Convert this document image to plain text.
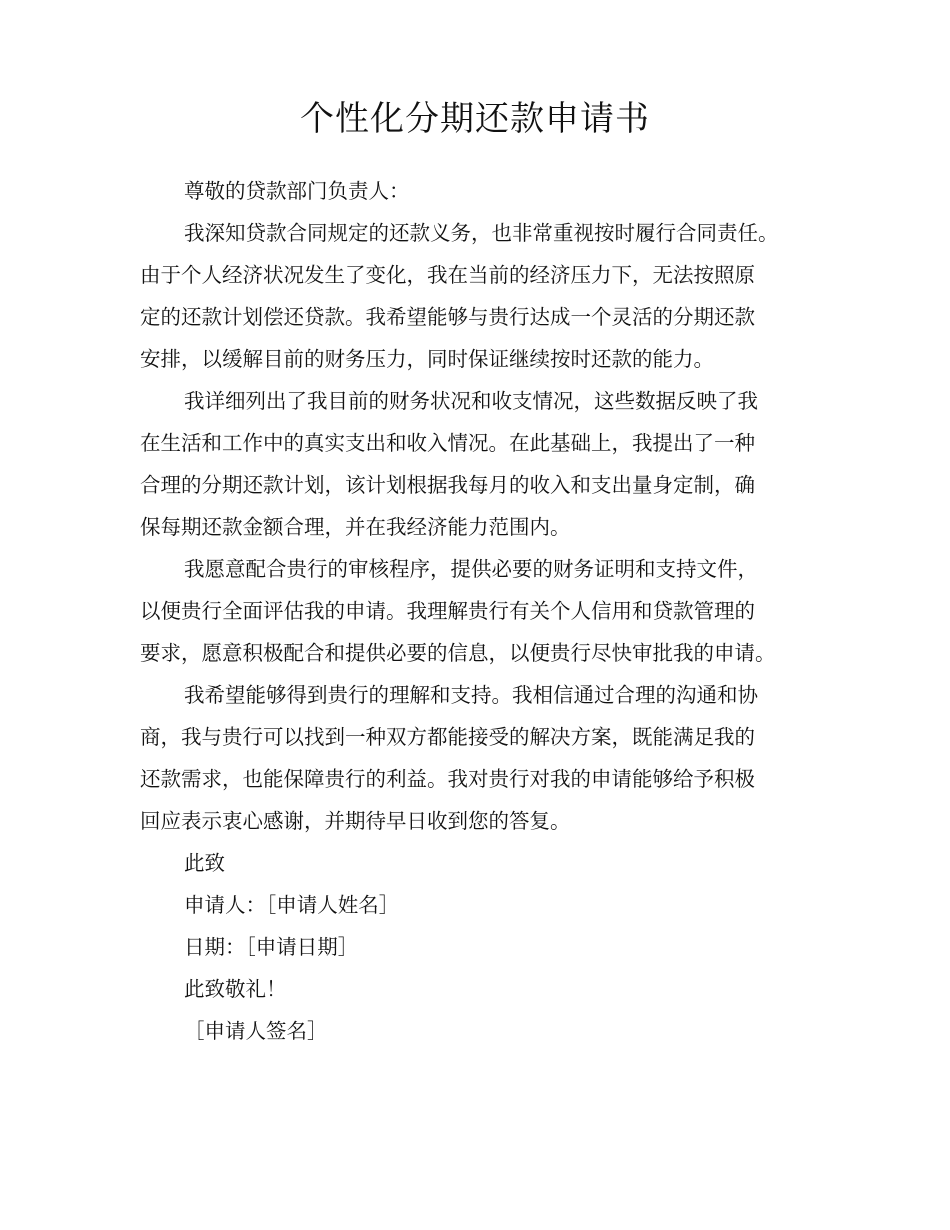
个性化分期还款申请书
尊敬的贷款部门负责人：
我深知贷款合同规定的还款义务，也非常重视按时履行合同责任。
由于个人经济状况发生了变化，我在当前的经济压力下，无法按照原
定的还款计划偿还贷款。我希望能够与贵行达成一个灵活的分期还款
安排，以缓解目前的财务压力，同时保证继续按时还款的能力。
我详细列出了我目前的财务状况和收支情况，这些数据反映了我
在生活和工作中的真实支出和收入情况。在此基础上，我提出了一种
合理的分期还款计划，该计划根据我每月的收入和支出量身定制，确
保每期还款金额合理，并在我经济能力范围内。
我愿意配合贵行的审核程序，提供必要的财务证明和支持文件，
以便贵行全面评估我的申请。我理解贵行有关个人信用和贷款管理的
要求，愿意积极配合和提供必要的信息，以便贵行尽快审批我的申请。
我希望能够得到贵行的理解和支持。我相信通过合理的沟通和协
商，我与贵行可以找到一种双方都能接受的解决方案，既能满足我的
还款需求，也能保障贵行的利益。我对贵行对我的申请能够给予积极
回应表示衷心感谢，并期待早日收到您的答复。
此致
申请人：［申请人姓名］
日期：［申请日期］
此致敬礼！
［申请人签名］
